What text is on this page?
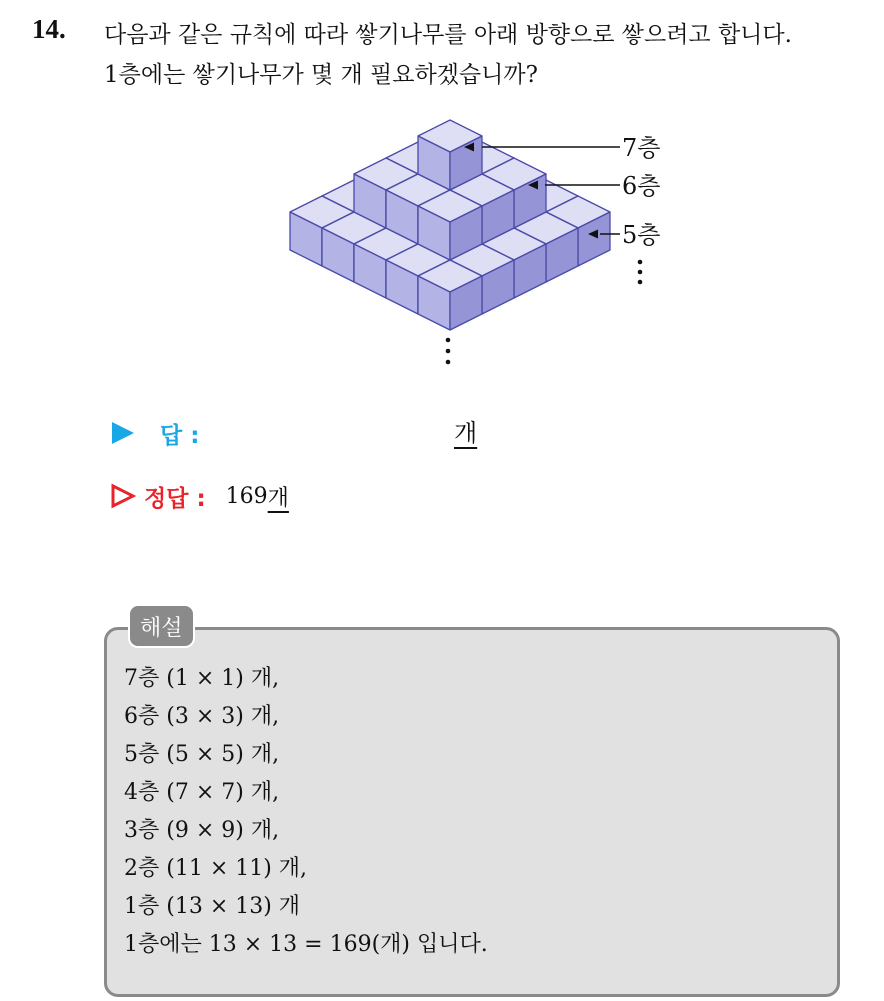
14. 다음과 같은 규칙에 따라 쌓기나무를 아래 방향으로 쌓으려고 합니다.
1층에는 쌓기나무가 몇 개 필요하겠습니까?
7층
6층
5층
답 :	개
정답 : 169 개
해설
7층 (1 × 1) 개,
6층 (3 × 3) 개,
5층 (5 × 5) 개,
4층 (7 × 7) 개,
3층 (9 × 9) 개,
2층 (11 × 11) 개,
1층 (13 × 13) 개
1층에는 13 × 13 = 169(개) 입니다.
